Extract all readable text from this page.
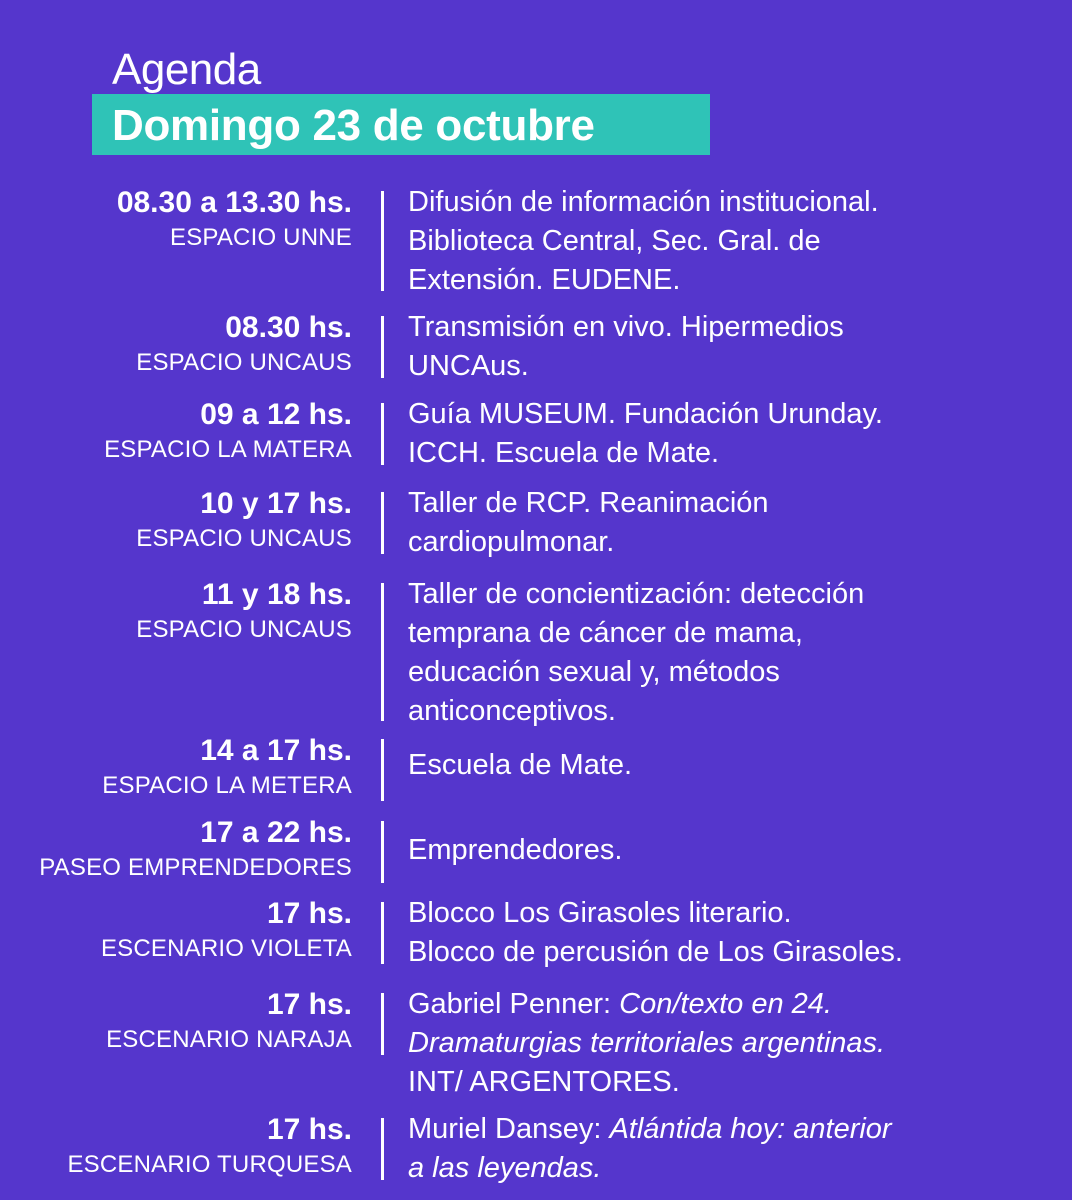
Agenda
Domingo 23 de octubre
08.30 a 13.30 hs.
ESPACIO UNNE
Difusión de información institucional.
Biblioteca Central, Sec. Gral. de
Extensión. EUDENE.
08.30 hs.
ESPACIO UNCAUS
Transmisión en vivo. Hipermedios
UNCAus.
09 a 12 hs.
ESPACIO LA MATERA
Guía MUSEUM. Fundación Urunday.
ICCH. Escuela de Mate.
10 y 17 hs.
ESPACIO UNCAUS
Taller de RCP. Reanimación
cardiopulmonar.
11 y 18 hs.
ESPACIO UNCAUS
Taller de concientización: detección
temprana de cáncer de mama,
educación sexual y, métodos
anticonceptivos.
14 a 17 hs.
ESPACIO LA METERA
Escuela de Mate.
17 a 22 hs.
PASEO EMPRENDEDORES
Emprendedores.
17 hs.
ESCENARIO VIOLETA
Blocco Los Girasoles literario.
Blocco de percusión de Los Girasoles.
17 hs.
ESCENARIO NARAJA
Gabriel Penner: Con/texto en 24.
Dramaturgias territoriales argentinas.
INT/ ARGENTORES.
17 hs.
ESCENARIO TURQUESA
Muriel Dansey: Atlántida hoy: anterior
a las leyendas.
